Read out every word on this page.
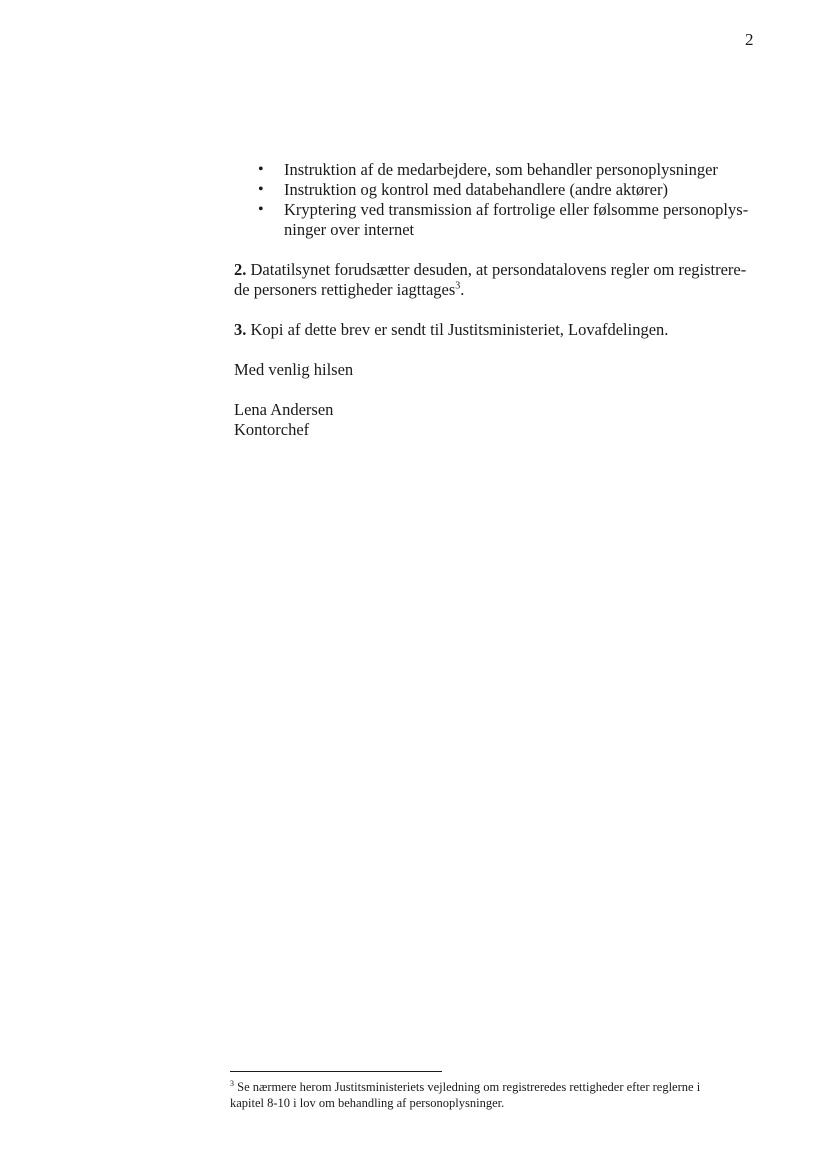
2
• Instruktion af de medarbejdere, som behandler personoplysninger
• Instruktion og kontrol med databehandlere (andre aktører)
• Kryptering ved transmission af fortrolige eller følsomme personoplys-
ninger over internet

2. Datatilsynet forudsætter desuden, at persondatalovens regler om registrere-
de personers rettigheder iagttages$^3$.

3. Kopi af dette brev er sendt til Justitsministeriet, Lovafdelingen.

Med venlig hilsen

Lena Andersen
Kontorchef

$^3$ Se nærmere herom Justitsministeriets vejledning om registreredes rettigheder efter reglerne i
kapitel 8-10 i lov om behandling af personoplysninger.
